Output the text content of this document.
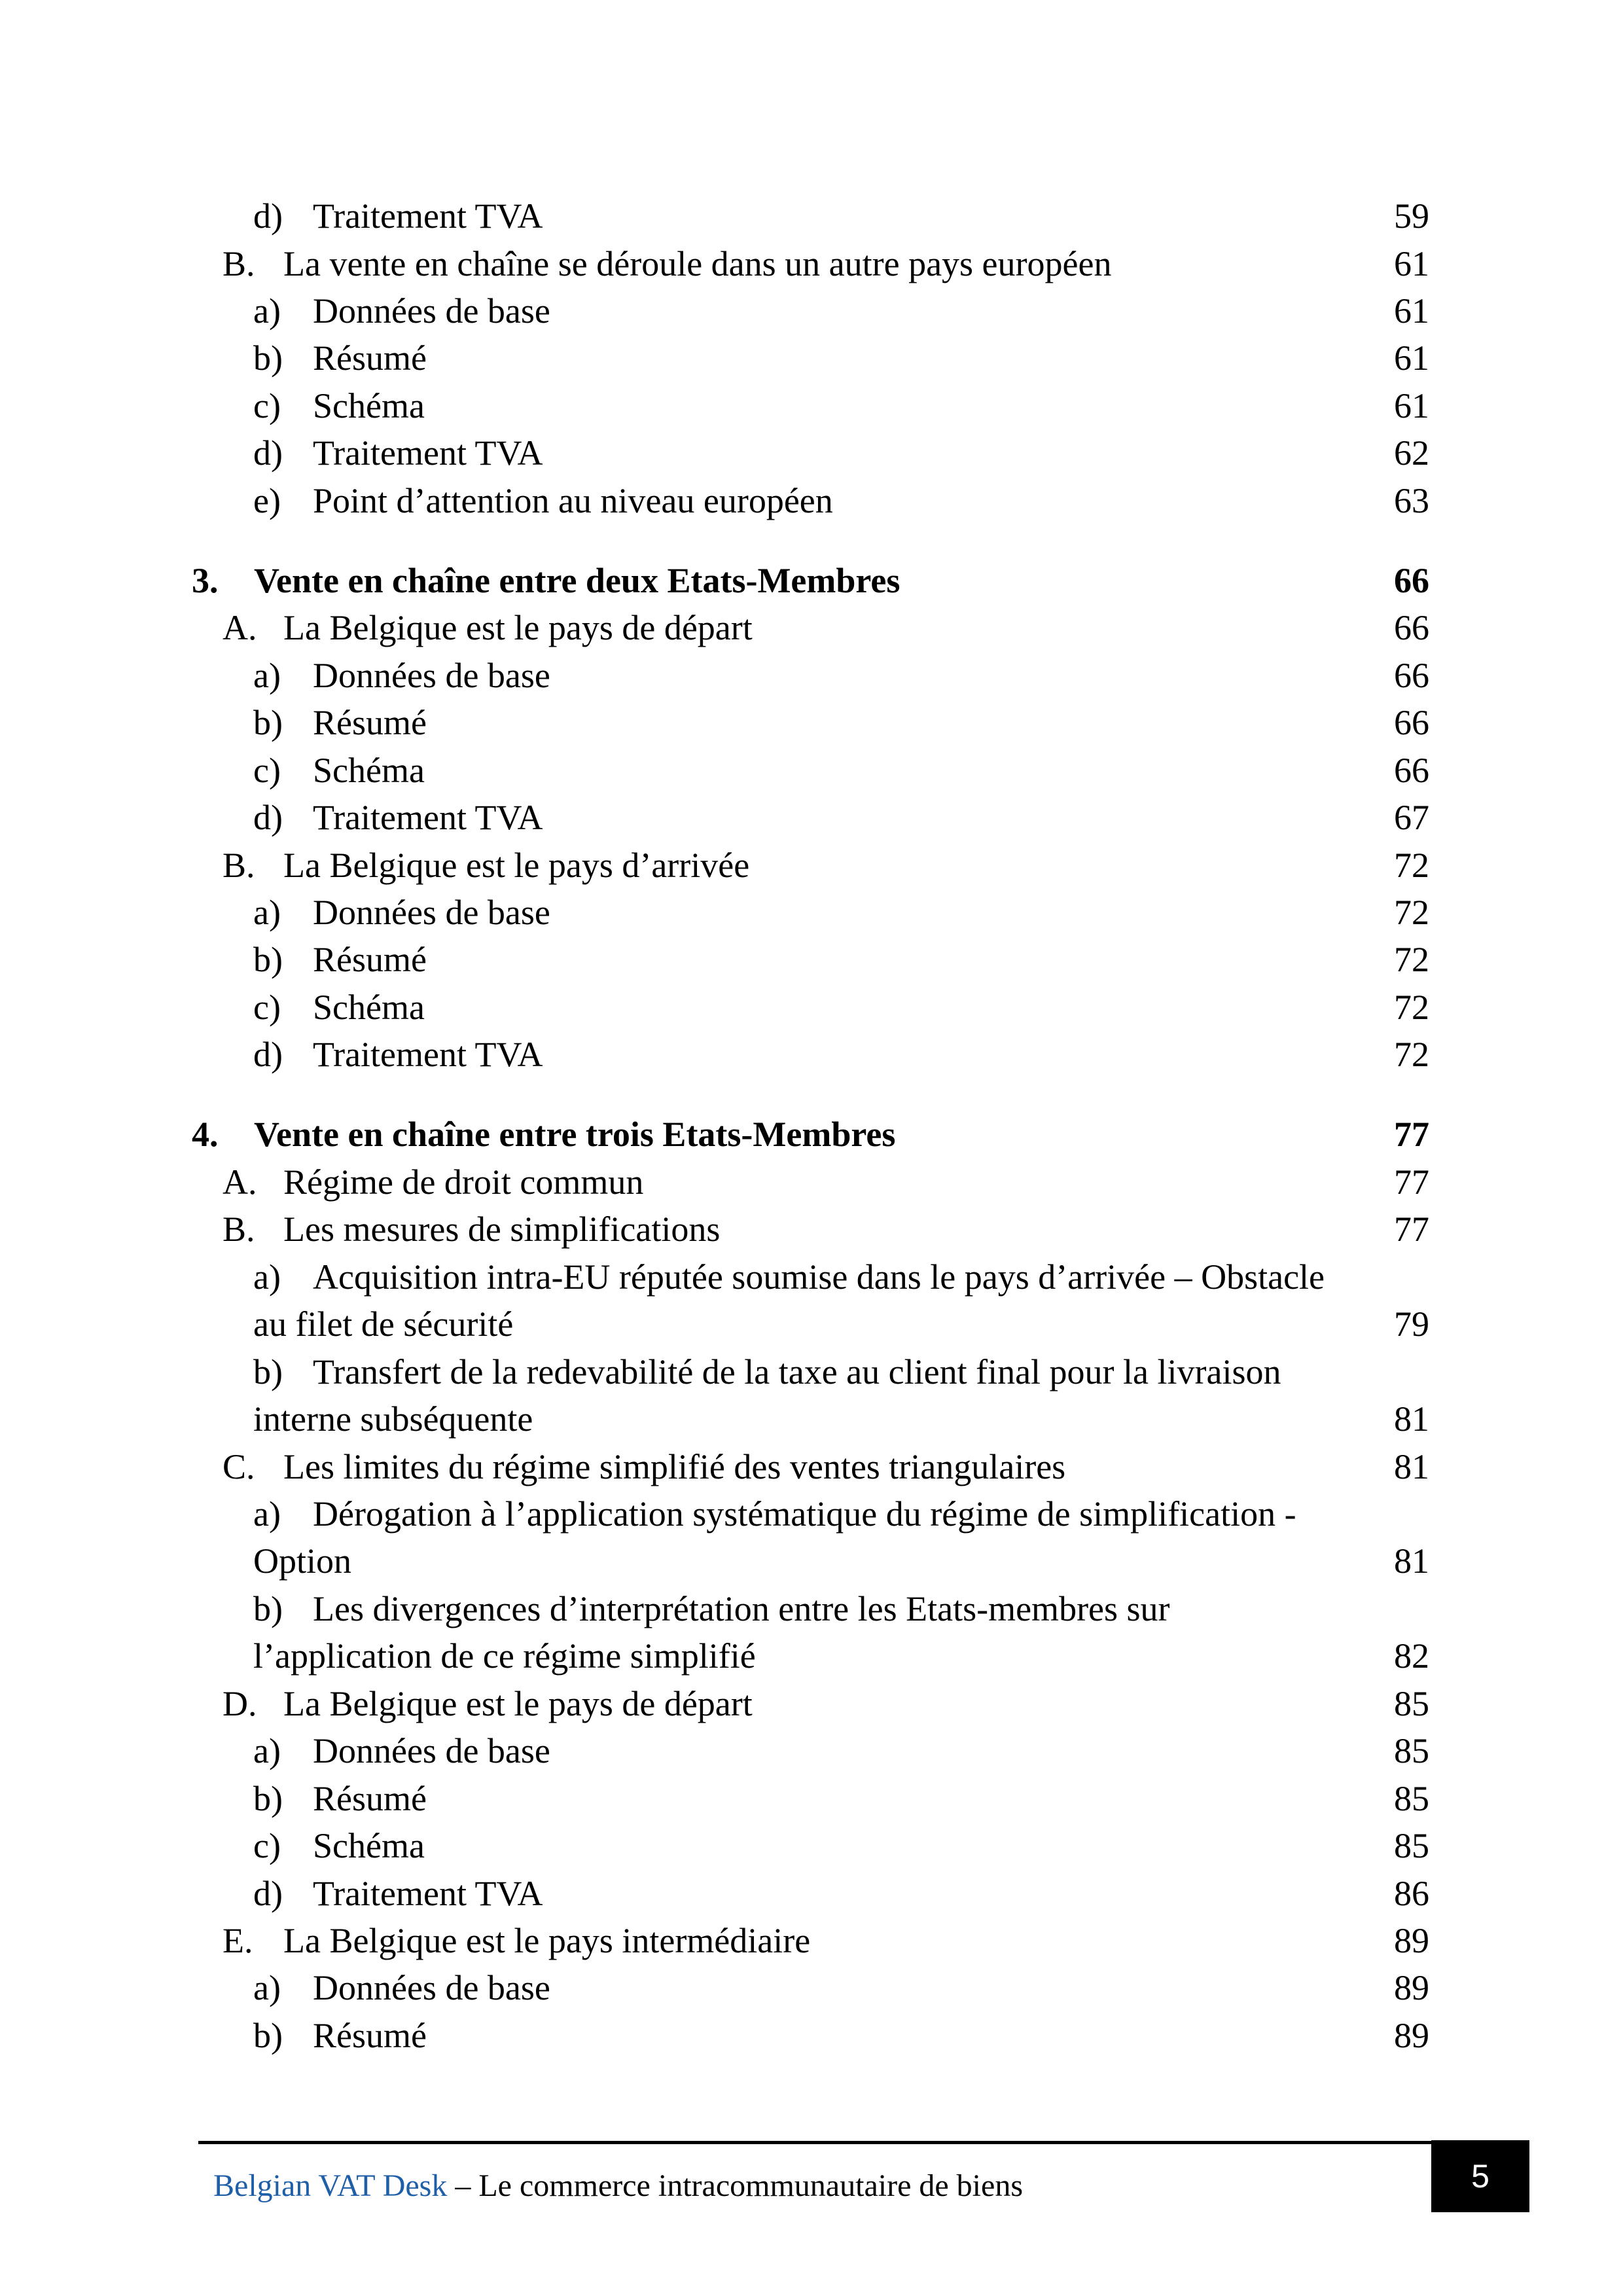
d) Traitement TVA	59
B. La vente en chaîne se déroule dans un autre pays européen	61
a) Données de base	61
b) Résumé	61
c) Schéma	61
d) Traitement TVA	62
e) Point d’attention au niveau européen	63
3. Vente en chaîne entre deux Etats-Membres	66
A. La Belgique est le pays de départ	66
a) Données de base	66
b) Résumé	66
c) Schéma	66
d) Traitement TVA	67
B. La Belgique est le pays d’arrivée	72
a) Données de base	72
b) Résumé	72
c) Schéma	72
d) Traitement TVA	72
4. Vente en chaîne entre trois Etats-Membres	77
A. Régime de droit commun	77
B. Les mesures de simplifications	77
a) Acquisition intra-EU réputée soumise dans le pays d’arrivée – Obstacle
au filet de sécurité	79
b) Transfert de la redevabilité de la taxe au client final pour la livraison
interne subséquente	81
C. Les limites du régime simplifié des ventes triangulaires	81
a) Dérogation à l’application systématique du régime de simplification -
Option	81
b) Les divergences d’interprétation entre les Etats-membres sur
l’application de ce régime simplifié	82
D. La Belgique est le pays de départ	85
a) Données de base	85
b) Résumé	85
c) Schéma	85
d) Traitement TVA	86
E. La Belgique est le pays intermédiaire	89
a) Données de base	89
b) Résumé	89
Belgian VAT Desk – Le commerce intracommunautaire de biens	5
